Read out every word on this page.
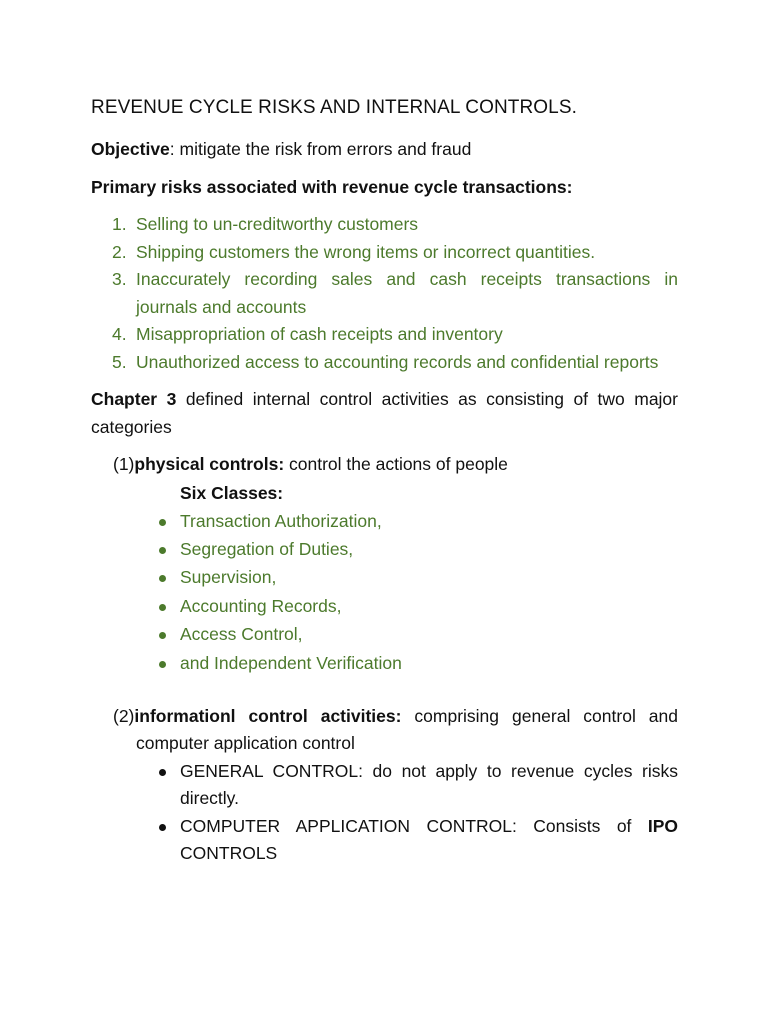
REVENUE CYCLE RISKS AND INTERNAL CONTROLS.

Objective: mitigate the risk from errors and fraud

Primary risks associated with revenue cycle transactions:

1. Selling to un-creditworthy customers
2. Shipping customers the wrong items or incorrect quantities.
3. Inaccurately recording sales and cash receipts transactions in journals and accounts
4. Misappropriation of cash receipts and inventory
5. Unauthorized access to accounting records and confidential reports

Chapter 3 defined internal control activities as consisting of two major categories

(1)physical controls: control the actions of people

Six Classes:

Transaction Authorization,
Segregation of Duties,
Supervision,
Accounting Records,
Access Control,
and Independent Verification

(2)informationl control activities: comprising general control and computer application control

GENERAL CONTROL: do not apply to revenue cycles risks directly.
COMPUTER APPLICATION CONTROL: Consists of IPO CONTROLS
